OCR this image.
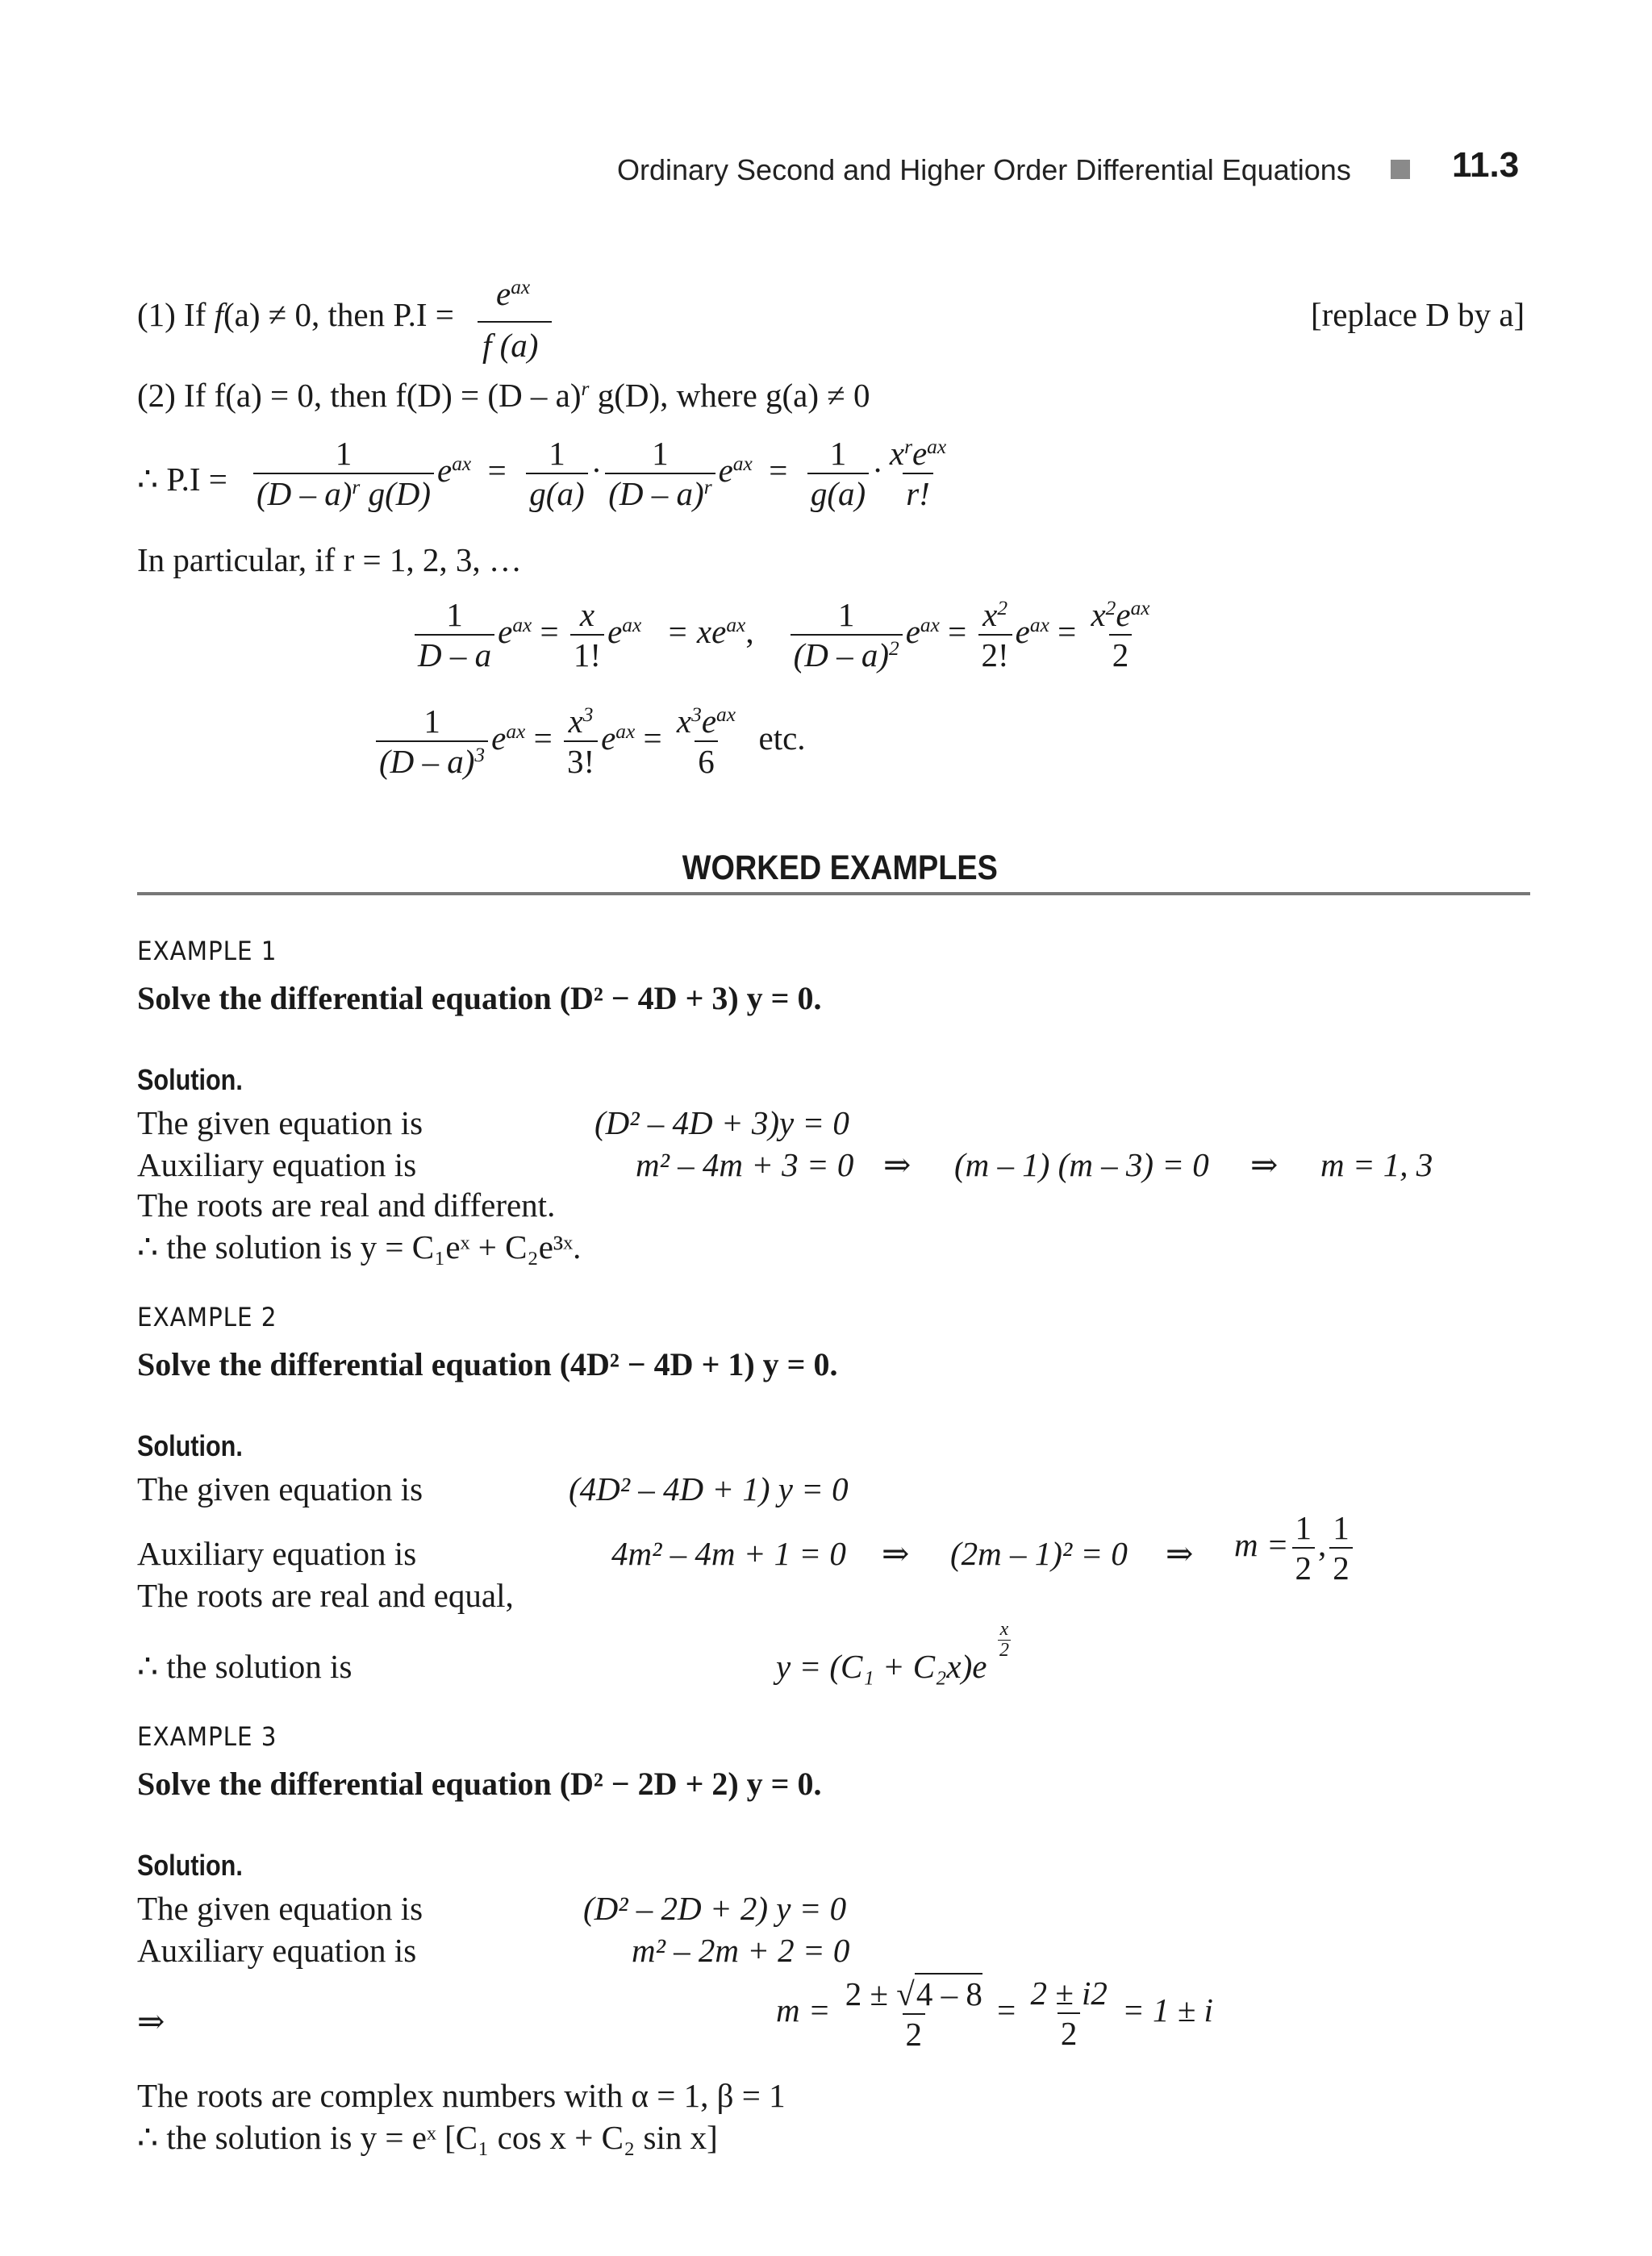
Ordinary Second and Higher Order Differential Equations	11.3
(1) If f(a) ≠ 0, then P.I =
$e^{ax}$
f (a)
[replace D by a]
(2) If f(a) = 0, then f(D) = (D – a)$^r$ g(D), where g(a) ≠ 0
∴ $P.I = \frac{1}{(D - a)^r g(D)} e^{ax} = \frac{1}{g(a)} \cdot \frac{1}{(D - a)^r} e^{ax} = \frac{1}{g(a)} \cdot \frac{x^re^{ax}}{r!}$
In particular, if r = 1, 2, 3, …
$\frac{1}{D - a} e^{ax} = \frac{x}{1!} e^{ax} = xe^{ax}$, $\frac{1}{(D - a)^2} e^{ax} = \frac{x^2}{2!} e^{ax} = \frac{x^2e^{ax}}{2}$
$\frac{1}{(D - a)^3} e^{ax} = \frac{x^3}{3!} e^{ax} = \frac{x^3e^{ax}}{6}$ etc.
WORKED EXAMPLES
EXAMPLE 1
Solve the differential equation (D² − 4D + 3) y = 0.
Solution.
The given equation is	(D² – 4D + 3)y = 0
Auxiliary equation is	m² – 4m + 3 = 0 ⇒ (m – 1) (m – 3) = 0 ⇒ m = 1, 3
The roots are real and different.
∴ the solution is y = C₁eˣ + C₂e³ˣ.
EXAMPLE 2
Solve the differential equation (4D² − 4D + 1) y = 0.
Solution.
The given equation is	(4D² – 4D + 1) y = 0
Auxiliary equation is	4m² – 4m + 1 = 0 ⇒ (2m – 1)² = 0 ⇒ $m = \frac{1}{2}$ , $\frac{1}{2}$
The roots are real and equal,
∴ the solution is	y = (C₁ + C₂x)e
x
2
EXAMPLE 3
Solve the differential equation (D² − 2D + 2) y = 0.
Solution.
The given equation is	(D² – 2D + 2) y = 0
Auxiliary equation is	m² – 2m + 2 = 0
⇒	$m = \frac{2 \pm √4 - 8}{2} = \frac{2 \pm i2}{2} = 1 \pm i$
The roots are complex numbers with α = 1, β = 1
∴ the solution is y = eˣ [C₁ cos x + C₂ sin x]
